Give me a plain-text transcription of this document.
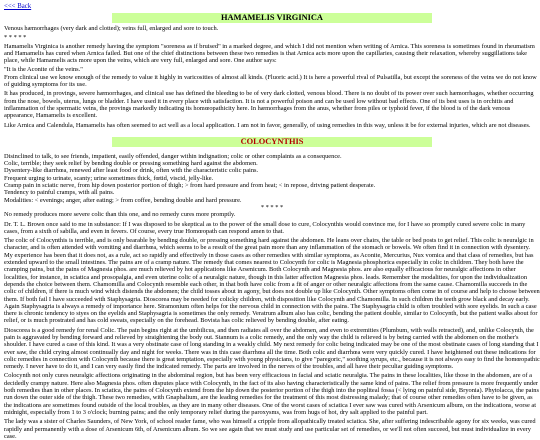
<<< Back
HAMAMELIS VIRGINICA

Venous hæmorrhages (very dark and clotted); veins full, enlarged and sore to touch.

* * * * *

Hamamelis Virginica is another remedy having the symptom "soreness as if bruised" in a marked degree, and which I did not mention when writing of Arnica. This soreness is sometimes found in rheumatism and Hamamelis has cured when Arnica failed. But one of the chief distinctions between these two remedies is that Arnica acts more upon the capillaries, causing their relaxation, whereby suggillations take place, while Hamamelis acts more upon the veins, which are very full, enlarged and sore. One author says:

"It is the Aconite of the veins."

From clinical use we know enough of the remedy to value it highly in varicosities of almost all kinds. (Fluoric acid.) It is here a powerful rival of Pulsatilla, but except the soreness of the veins we do not know of guiding symptoms for its use.

It has produced, in provings, severe hæmorrhages, and clinical use has defined the bleeding to be of very dark clotted, venous blood. There is no doubt of its power over such hæmorrhages, whether occurring from the nose, bowels, uterus, lungs or bladder. I have used it in every place with satisfaction. It is not a powerful poison and can be used low without bad effects. One of its best uses is in orchitis and inflammation of the spermatic veins, the provings markedly indicating its homœopathicity here. In hæmorrhages from the anus, whether from piles or typhoid fever, if the blood is of the dark venous appearance, Hamamelis is excellent.

Like Arnica and Calendula, Hamamelis has often seemed to act well as a local application. I am not in favor, generally, of using remedies in this way, unless it be for external injuries, which are not diseases.

COLOCYNTHIS
Disinclined to talk, to see friends, impatient, easily offended, danger within indignation; colic or other complaints as a consequence.
Colic, terrible; they seek relief by bending double or pressing something hard against the abdomen.
Dysentery-like diarrhœa, renewed after least food or drink, often with the characteristic colic pains.
Frequent urging to urinate, scanty; urine sometimes thick, fœtid, viscid, jelly-like.
Cramp pain in sciatic nerve, from hip down posterior portion of thigh; > from hard pressure and from heat; < in repose, driving patient desperate.
Tendency to painful cramps, with all pains.
Modalities: < evenings; anger, after eating; > from coffee, bending double and hard pressure.
* * * * *

No remedy produces more severe colic than this one, and no remedy cures more promptly.

Dr. T. L. Brown once said to me in substance: If I was disposed to be skeptical as to the power of the small dose to cure, Colocynthis would convince me, for I have so promptly cured severe colic in many cases, from a sixth of sabilla, and even in fevers. Of course, every true Homœopath can respond amen to that.

The colic of Colocynthis is terrible, and is only bearable by bending double, or pressing something hard against the abdomen. He leans over chairs, the table or bed posts to get relief. This colic is neuralgic in character, and is often attended with vomiting and diarrhœa, which seems to be a result of the great pain more than any inflammation of the stomach or bowels. We often find it in connection with dysentery. My experience has been that it does not, as a rule, act so rapidly and effectively in those cases as other remedies with similar symptoms, as Aconite, Mercurius, Nux vomica and that class of remedies, but has extended upward to the small intestines. The pains are of a cramp nature. The remedy that comes nearest to Colocynth for colic is Magnesia phosphorica especially in colic in children. They both have the cramping pains, but the pains of Magnesia phos. are much relieved by hot applications like Arsenicum. Both Colocynth and Magnesia phos. are also equally efficacious for neuralgic affections in other localities, for instance, in sciatica and prosopalgia, and even uterine colic of a neuralgic nature, though in this latter affection Magnesia phos. leads. Remember the modalities, for upon the individualization depends the choice between them. Chamomilla and Colocynth resemble each other, in that both have colic from a fit of anger or other neuralgic affections from the same cause. Chamomilla succeeds in the colic of children, if there is much wind which distends the abdomen; the child tosses about in agony, but does not double up like Colocynth. Other symptoms often come in of course and help to choose between them. If both fail I have succeeded with Staphysagria. Dioscorea may be needed for colicky children, with disposition like Colocynth and Chamomilla. In such children the teeth grow black and decay early. Again Staphysagria is always a remedy of importance here. Stramonium often helps for the nervous child in connection with the pains. The Staphysagria child is often troubled with sore eyelids. In such a case there is chronic tendency to styes on the eyelids and Staphysagria is sometimes the only remedy. Veratrum album also has colic, bending the patient double, similar to Colocynth, but the patient walks about for relief, or is much prostrated and has cold sweats, especially on the forehead. Bovista has colic relieved by bending double, after eating.

Dioscorea is a good remedy for renal Colic. The pain begins right at the umbilicus, and then radiates all over the abdomen, and even to extremities (Plumbum, with walls retracted), and, unlike Colocynth, the pain is aggravated by bending forward and relieved by straightening the body out. Stannum is a colic remedy, and the only way the child is relieved is by being carried with the abdomen on the mother's shoulder. I have cured a case of this kind. It was a very obstinate case of long standing in a weakly child. My next remedy for colic being indicated may be one of the most obstinate cases of long standing that I ever saw, the child crying almost continually day and night for weeks. There was in this case diarrhœa all the time. Both colic and diarrhœa were very quickly cured. I have heightened out these indications for colic remedies in connection with Colocynth because there is great temptation, especially with young physicians, to give "paregoric," soothing syrups, etc., because it is not always easy to find the homœopathic remedy. I never have to do it, and I can very easily find the indicated remedy. The parts are involved in the nerves of the troubles, and all have their peculiar guiding symptoms.

Colocynth not only cures neuralgic affections originating in the abdominal region, but has been very efficacious in facial and sciatic neuralgia. The pains in these localities, like those in the abdomen, are of a decidedly crampy nature. Here also Magnesia phos. often disputes place with Colocynth, in the fact of its also having characteristically the same kind of pains. The relief from pressure is more frequently under both remedies than in other places. In sciatica, the pains of Colocynth extend from the hip down the posterior portion of the thigh into the popliteal fossa (< lying on painful side, Bryonia). Phytolacca, the pains run down the outer side of the thigh. These two remedies, with Gnaphalium, are the leading remedies for the treatment of this most distressing malady; that of course other remedies often have to be given, as the indications are sometimes found outside of the local troubles, as they are in many other diseases. One of the worst cases of sciatica I ever saw was cured with Arsenicum album, on the indications, worse at midnight, especially from 1 to 3 o'clock; burning pains; and the only temporary relief during the paroxysms, was from hugs of hot, dry salt applied to the painful part.

The lady was a sister of Charles Saunders, of New York, of school reader fame, who was himself a cripple from allopathically treated sciatica. She, after suffering indescribable agony for six weeks, was cured rapidly and permanently with a dose of Arsenicum 6th, of Arsenicum album. So we see again that we must study and use particular set of remedies, or we'll not often succeed, but must individualize in every case.
